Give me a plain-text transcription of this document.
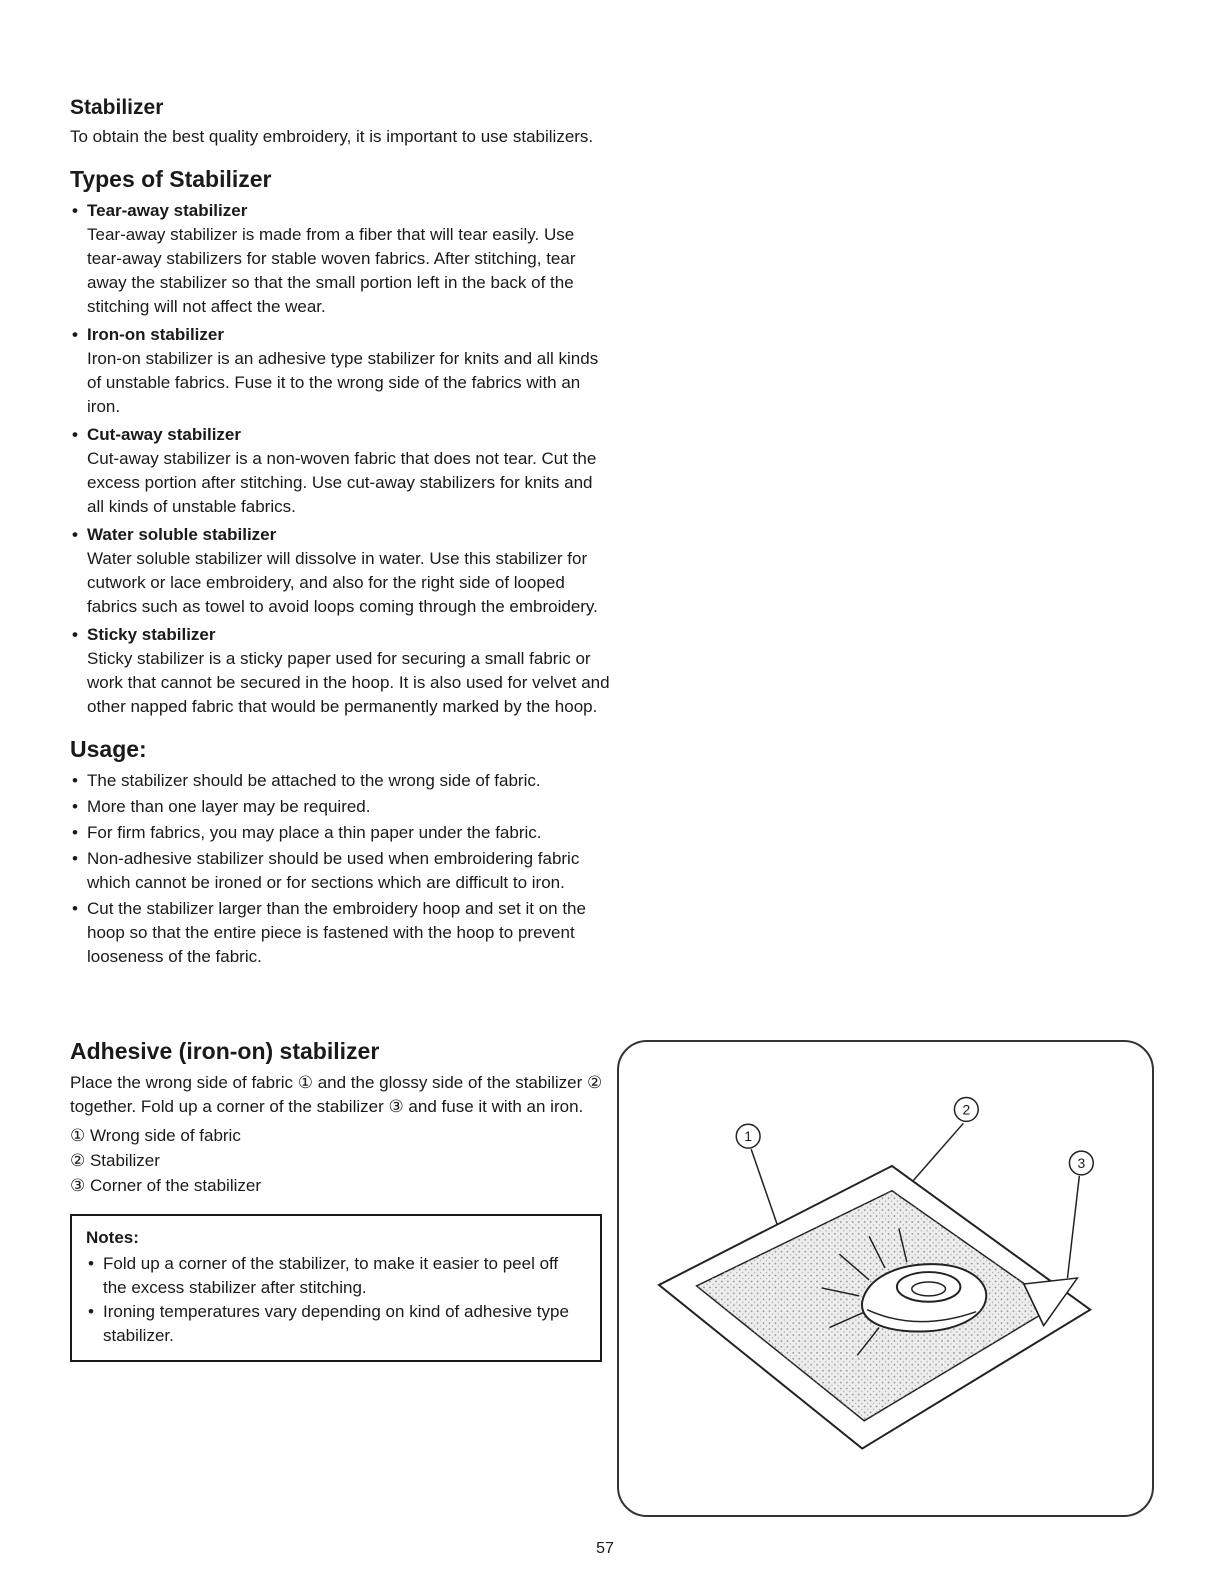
Stabilizer

To obtain the best quality embroidery, it is important to use stabilizers.

Types of Stabilizer
• Tear-away stabilizer

Tear-away stabilizer is made from a fiber that will tear easily. Use tear-away stabilizers for stable woven fabrics. After stitching, tear away the stabilizer so that the small portion left in the back of the stitching will not affect the wear.

• Iron-on stabilizer

Iron-on stabilizer is an adhesive type stabilizer for knits and all kinds of unstable fabrics. Fuse it to the wrong side of the fabrics with an iron.

• Cut-away stabilizer

Cut-away stabilizer is a non-woven fabric that does not tear. Cut the excess portion after stitching. Use cut-away stabilizers for knits and all kinds of unstable fabrics.

• Water soluble stabilizer

Water soluble stabilizer will dissolve in water. Use this stabilizer for cutwork or lace embroidery, and also for the right side of looped fabrics such as towel to avoid loops coming through the embroidery.

• Sticky stabilizer

Sticky stabilizer is a sticky paper used for securing a small fabric or work that cannot be secured in the hoop. It is also used for velvet and other napped fabric that would be permanently marked by the hoop.

Usage:
• The stabilizer should be attached to the wrong side of fabric.
• More than one layer may be required.
• For firm fabrics, you may place a thin paper under the fabric.
• Non-adhesive stabilizer should be used when embroidering fabric which cannot be ironed or for sections which are difficult to iron.
• Cut the stabilizer larger than the embroidery hoop and set it on the hoop so that the entire piece is fastened with the hoop to prevent looseness of the fabric.
Adhesive (iron-on) stabilizer

Place the wrong side of fabric ① and the glossy side of the stabilizer ② together. Fold up a corner of the stabilizer ③ and fuse it with an iron.

① Wrong side of fabric
② Stabilizer
③ Corner of the stabilizer
Notes:
• Fold up a corner of the stabilizer, to make it easier to peel off the excess stabilizer after stitching.
• Ironing temperatures vary depending on kind of adhesive type stabilizer.
1
2
3
57
